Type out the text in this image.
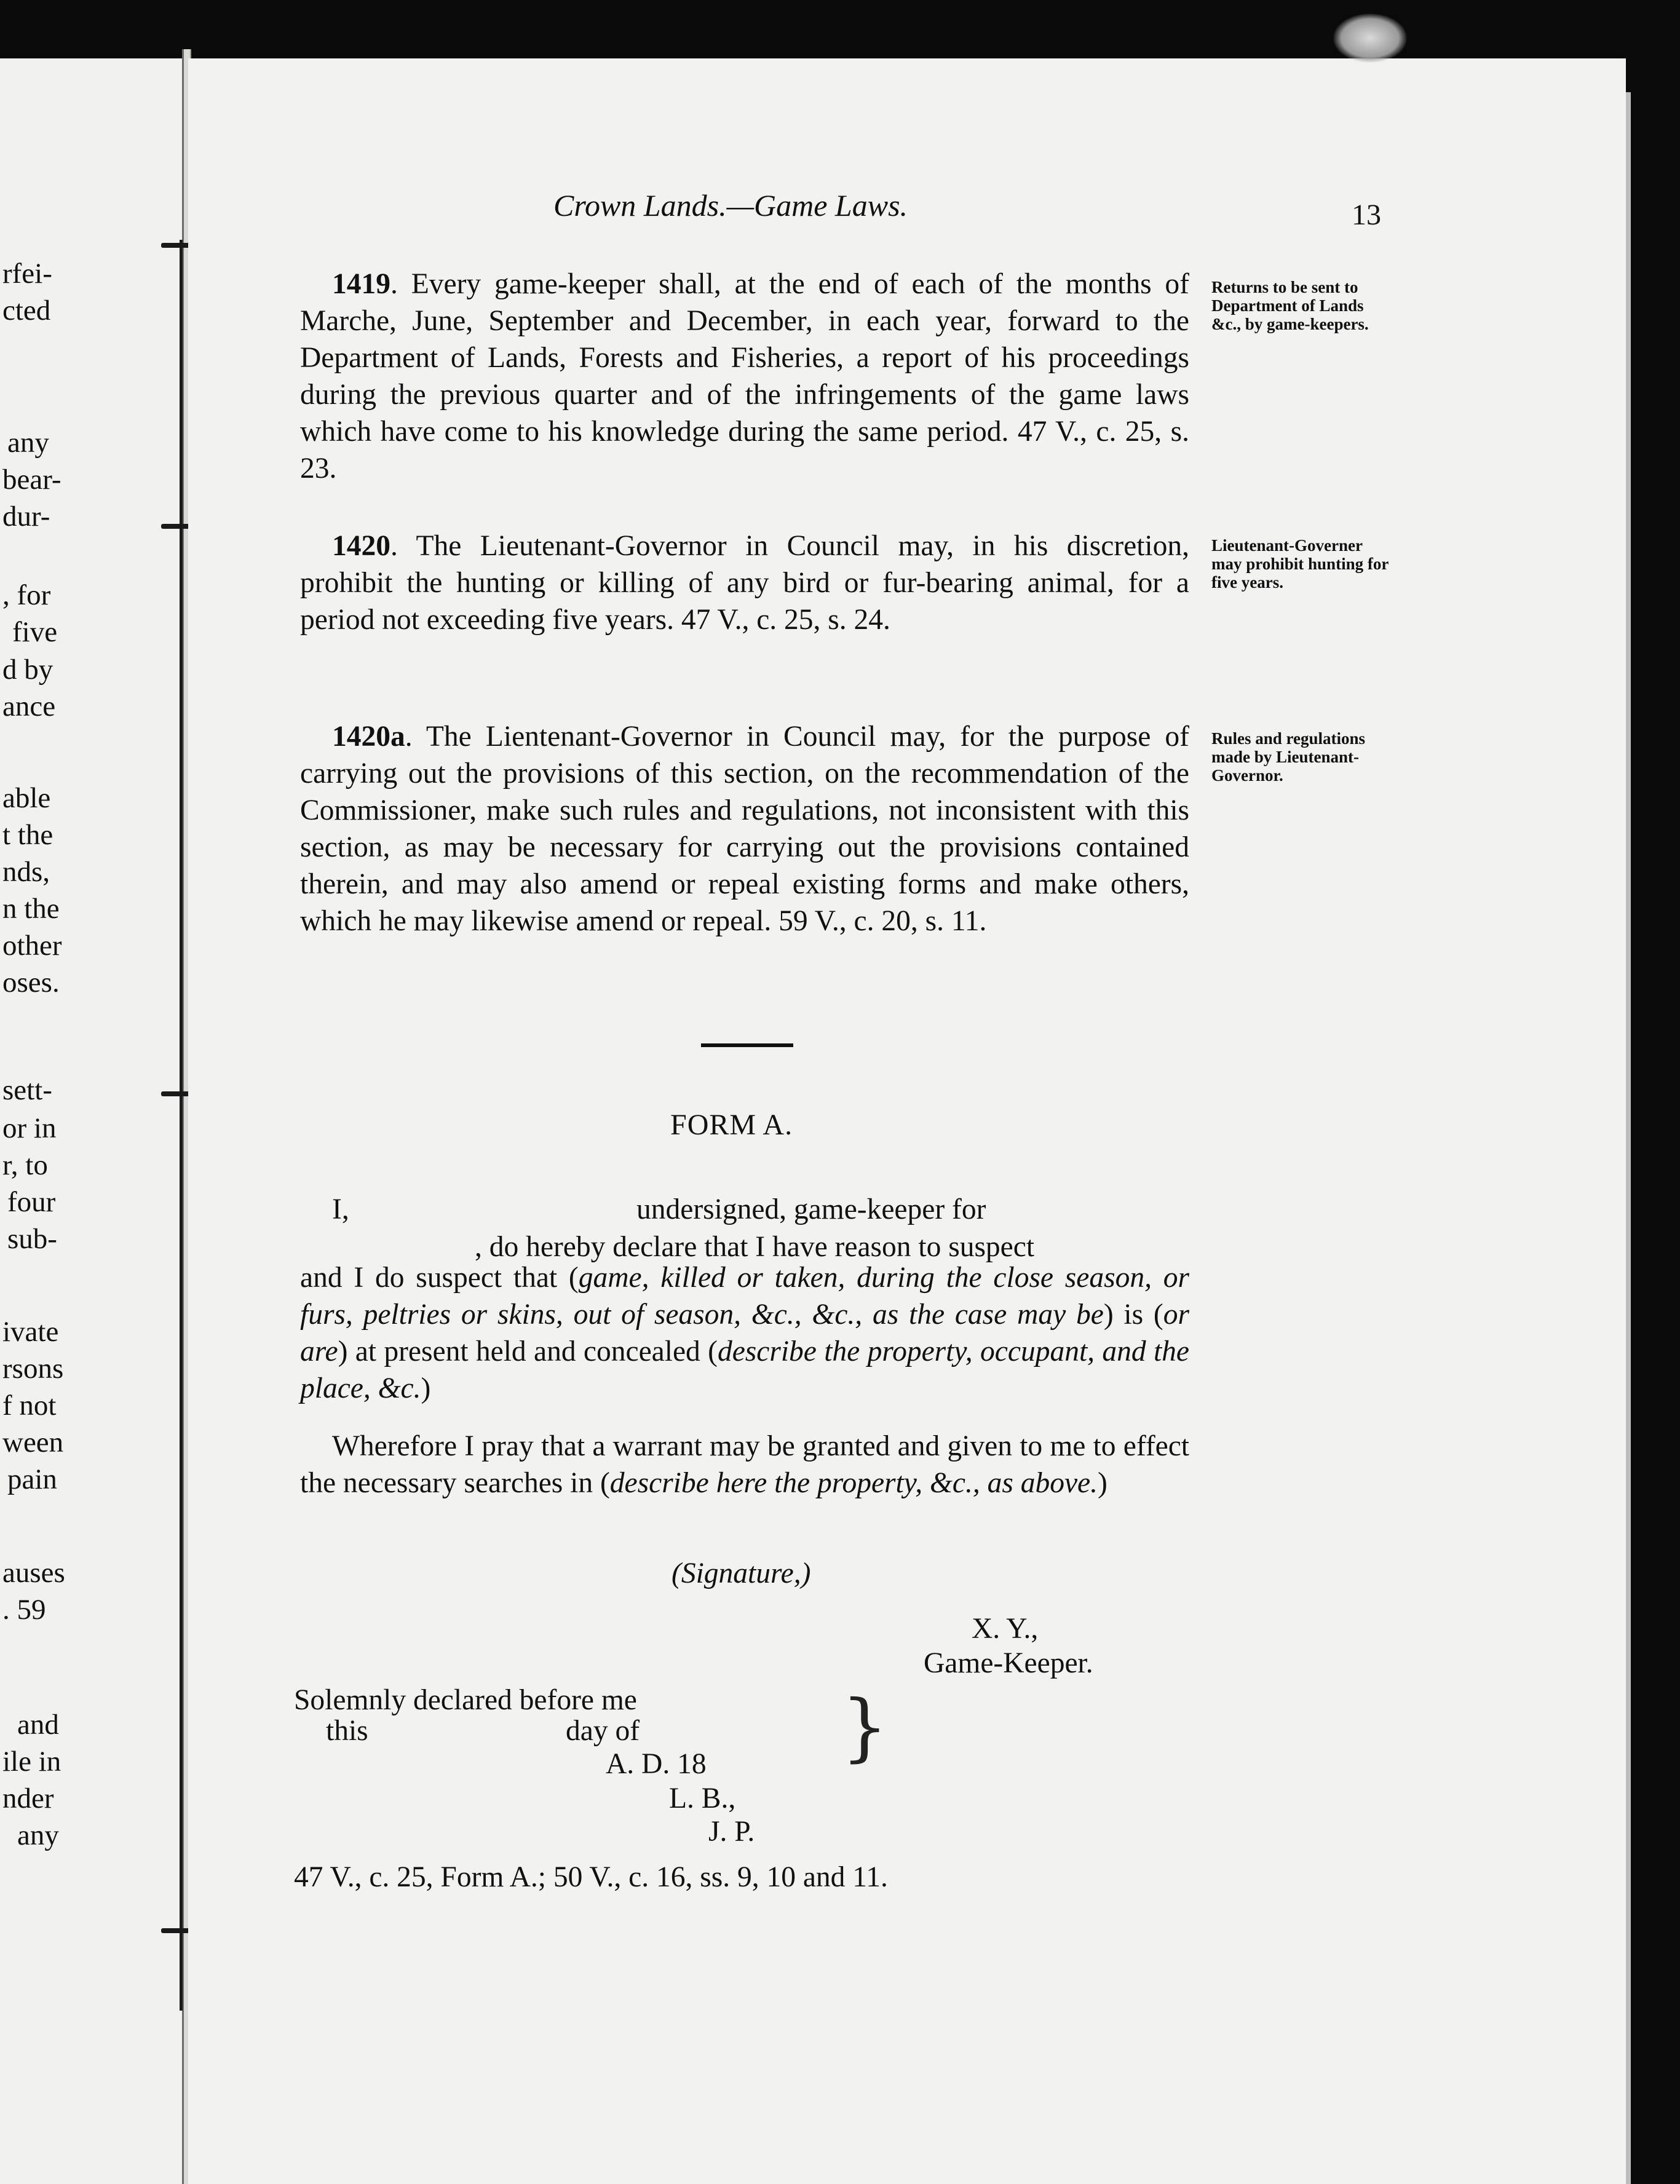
rfei-
cted
any
bear-
dur-
, for
five
d by
ance
able
t the
nds,
n the
other
oses.
sett-
or in
r, to
four
sub-
ivate
rsons
f not
ween
pain
auses
. 59
and
ile in
nder
any
Crown Lands.—Game Laws.	13
1419. Every game-keeper shall, at the end of each of the months of Marche, June, September and December, in each year, forward to the Department of Lands, Forests and Fisheries, a report of his proceedings during the previous quarter and of the infringements of the game laws which have come to his knowledge during the same period. 47 V., c. 25, s. 23.
Returns to be sent to Department of Lands &c., by game-keepers.
1420. The Lieutenant-Governor in Council may, in his discretion, prohibit the hunting or killing of any bird or fur-bearing animal, for a period not exceeding five years. 47 V., c. 25, s. 24.
Lieutenant-Governer may prohibit hunting for five years.
1420a. The Lientenant-Governor in Council may, for the purpose of carrying out the provisions of this section, on the recommendation of the Commissioner, make such rules and regulations, not inconsistent with this section, as may be necessary for carrying out the provisions contained therein, and may also amend or repeal existing forms and make others, which he may likewise amend or repeal. 59 V., c. 20, s. 11.
Rules and regulations made by Lieutenant-Governor.
FORM A.
I,	undersigned, game-keeper for
, do hereby declare that I have reason to suspect
and I do suspect that (game, killed or taken, during the close season, or furs, peltries or skins, out of season, &c., &c., as the case may be) is (or are) at present held and concealed (describe the property, occupant, and the place, &c.)
Wherefore I pray that a warrant may be granted and given to me to effect the necessary searches in (describe here the property, &c., as above.)
(Signature,)
X. Y.,
Game-Keeper.
Solemnly declared before me
this	day of
A. D. 18
L. B.,
J. P.
}
47 V., c. 25, Form A.; 50 V., c. 16, ss. 9, 10 and 11.
